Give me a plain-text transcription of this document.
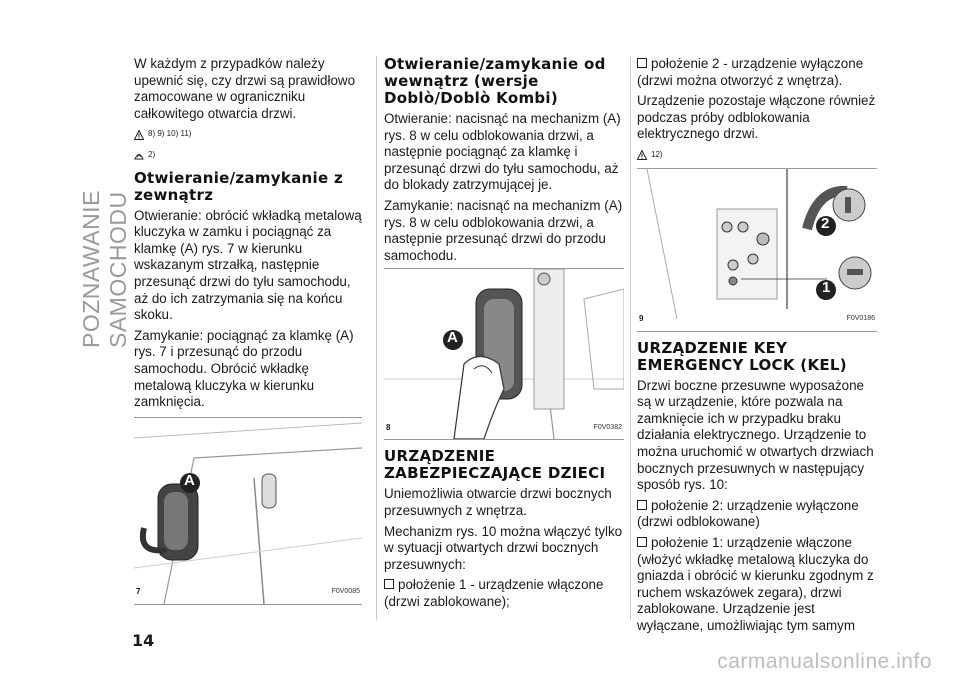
POZNAWANIE SAMOCHODU

W każdym z przypadków należy upewnić się, czy drzwi są prawidłowo zamocowane w ograniczniku całkowitego otwarcia drzwi.

8) 9) 10) 11)
2)
Otwieranie/zamykanie z zewnątrz

Otwieranie: obrócić wkładką metalową kluczyka w zamku i pociągnąć za klamkę (A) rys. 7 w kierunku wskazanym strzałką, następnie przesunąć drzwi do tyłu samochodu, aż do ich zatrzymania się na końcu skoku.

Zamykanie: pociągnąć za klamkę (A) rys. 7 i przesunąć do przodu samochodu. Obrócić wkładkę metalową kluczyka w kierunku zamknięcia.

A
7	F0V0085
Otwieranie/zamykanie od wewnątrz (wersje Doblò/Doblò Kombi)

Otwieranie: nacisnąć na mechanizm (A) rys. 8 w celu odblokowania drzwi, a następnie pociągnąć za klamkę i przesunąć drzwi do tyłu samochodu, aż do blokady zatrzymującej je.

Zamykanie: nacisnąć na mechanizm (A) rys. 8 w celu odblokowania drzwi, a następnie przesunąć drzwi do przodu samochodu.

A
8	F0V0382
URZĄDZENIE ZABEZPIECZAJĄCE DZIECI

Uniemożliwia otwarcie drzwi bocznych przesuwnych z wnętrza.

Mechanizm rys. 10 można włączyć tylko w sytuacji otwartych drzwi bocznych przesuwnych:

położenie 1 - urządzenie włączone (drzwi zablokowane);

położenie 2 - urządzenie wyłączone (drzwi można otworzyć z wnętrza).

Urządzenie pozostaje włączone również podczas próby odblokowania elektrycznego drzwi.

12)
2
1
9	F0V0186
URZĄDZENIE KEY EMERGENCY LOCK (KEL)

Drzwi boczne przesuwne wyposażone są w urządzenie, które pozwala na zamknięcie ich w przypadku braku działania elektrycznego. Urządzenie to można uruchomić w otwartych drzwiach bocznych przesuwnych w następujący sposób rys. 10:

położenie 2: urządzenie wyłączone (drzwi odblokowane)

położenie 1: urządzenie włączone (włożyć wkładkę metalową kluczyka do gniazda i obrócić w kierunku zgodnym z ruchem wskazówek zegara), drzwi zablokowane. Urządzenie jest wyłączane, umożliwiając tym samym

14
carmanualsonline.info
